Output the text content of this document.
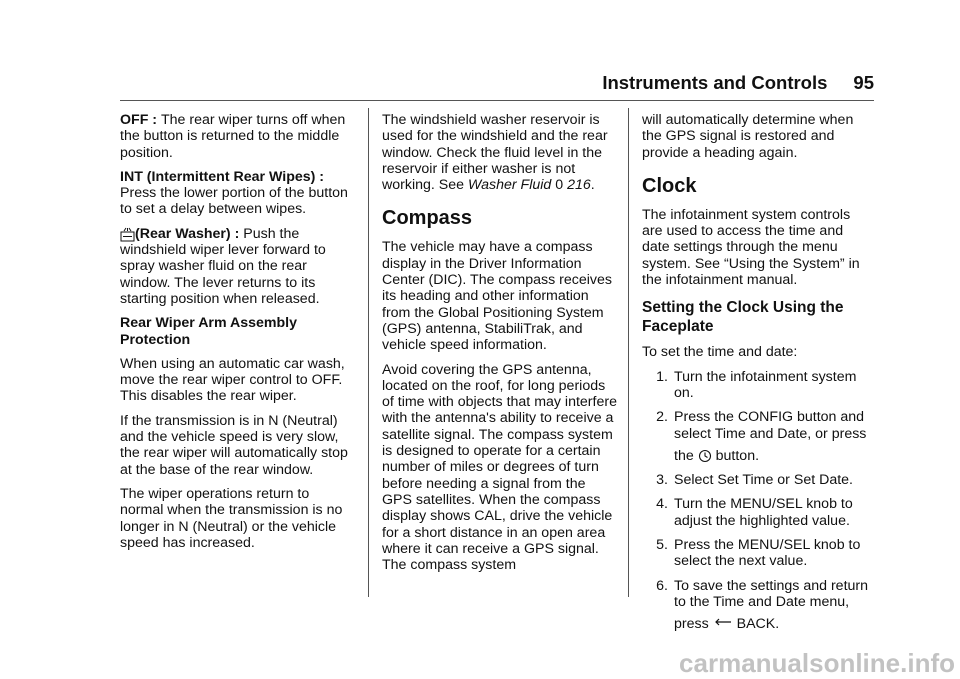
Instruments and Controls 95

OFF : The rear wiper turns off when the button is returned to the middle position.

INT (Intermittent Rear Wipes) :
Press the lower portion of the button to set a delay between wipes.

(Rear Washer) : Push the windshield wiper lever forward to spray washer fluid on the rear window. The lever returns to its starting position when released.

Rear Wiper Arm Assembly Protection

When using an automatic car wash, move the rear wiper control to OFF. This disables the rear wiper.

If the transmission is in N (Neutral) and the vehicle speed is very slow, the rear wiper will automatically stop at the base of the rear window.

The wiper operations return to normal when the transmission is no longer in N (Neutral) or the vehicle speed has increased.

The windshield washer reservoir is used for the windshield and the rear window. Check the fluid level in the reservoir if either washer is not working. See Washer Fluid 0 216.

Compass

The vehicle may have a compass display in the Driver Information Center (DIC). The compass receives its heading and other information from the Global Positioning System (GPS) antenna, StabiliTrak, and vehicle speed information.

Avoid covering the GPS antenna, located on the roof, for long periods of time with objects that may interfere with the antenna's ability to receive a satellite signal. The compass system is designed to operate for a certain number of miles or degrees of turn before needing a signal from the GPS satellites. When the compass display shows CAL, drive the vehicle for a short distance in an open area where it can receive a GPS signal. The compass system

will automatically determine when the GPS signal is restored and provide a heading again.

Clock

The infotainment system controls are used to access the time and date settings through the menu system. See “Using the System” in the infotainment manual.

Setting the Clock Using the Faceplate

To set the time and date:

1. Turn the infotainment system on.
2. Press the CONFIG button and select Time and Date, or press
the button.
3. Select Set Time or Set Date.
4. Turn the MENU/SEL knob to adjust the highlighted value.
5. Press the MENU/SEL knob to select the next value.
6. To save the settings and return to the Time and Date menu,
press BACK.
carmanualsonline.info
